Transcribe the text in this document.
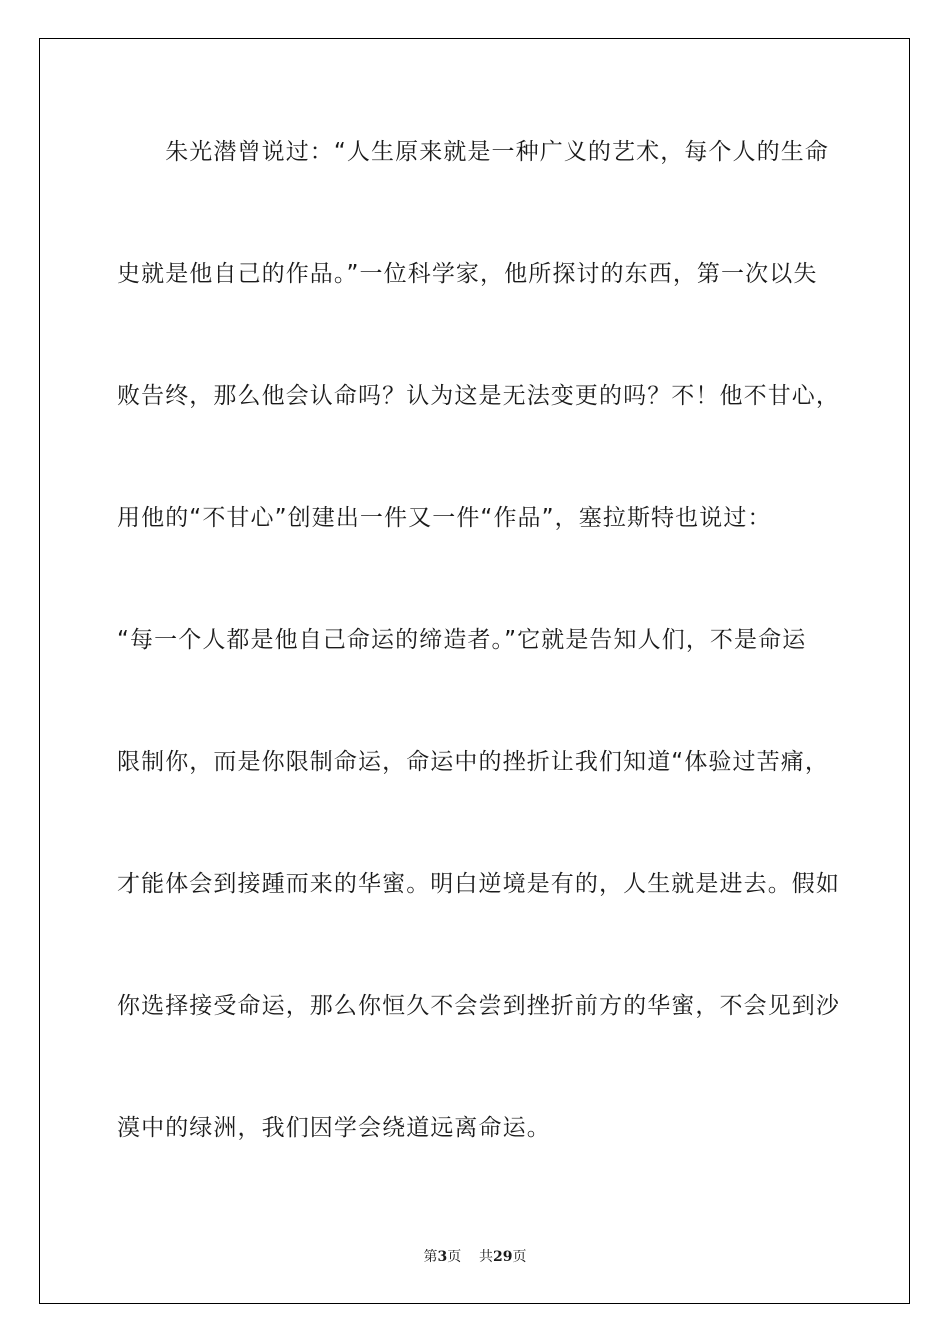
　　朱光潜曾说过：“人生原来就是一种广义的艺术，每个人的生命
史就是他自己的作品。”一位科学家，他所探讨的东西，第一次以失
败告终，那么他会认命吗？认为这是无法变更的吗？不！他不甘心，
用他的“不甘心”创建出一件又一件“作品”，塞拉斯特也说过：
“每一个人都是他自己命运的缔造者。”它就是告知人们，不是命运
限制你，而是你限制命运，命运中的挫折让我们知道“体验过苦痛，
才能体会到接踵而来的华蜜。明白逆境是有的，人生就是进去。假如
你选择接受命运，那么你恒久不会尝到挫折前方的华蜜，不会见到沙
漠中的绿洲，我们因学会绕道远离命运。
第3页 共29页
